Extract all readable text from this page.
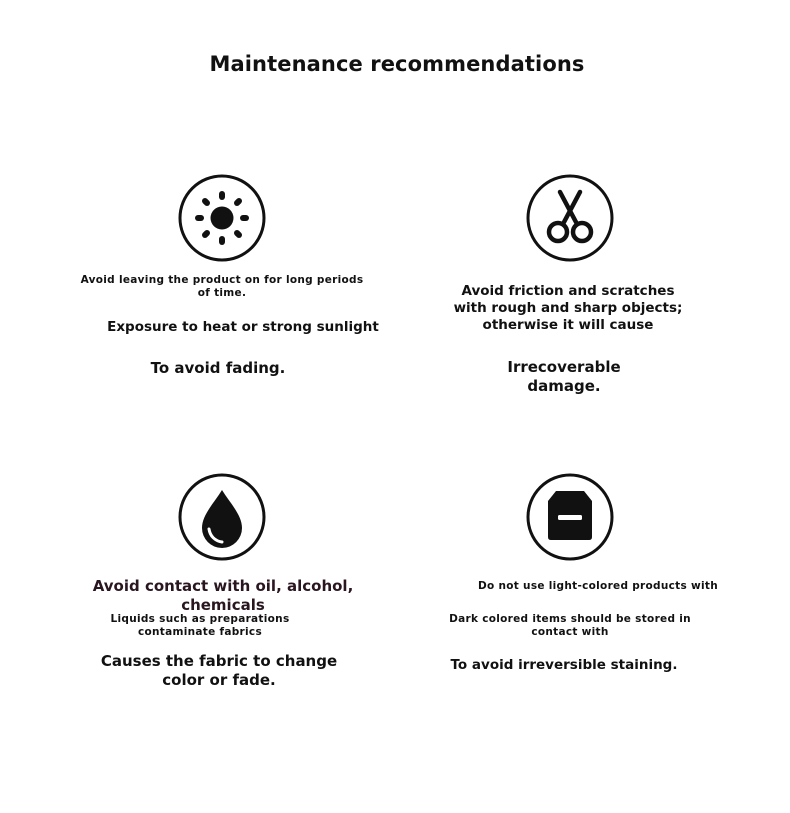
Maintenance recommendations
Avoid leaving the product on for long periods of time.
Exposure to heat or strong sunlight
To avoid fading.
Avoid friction and scratches with rough and sharp objects; otherwise it will cause
Irrecoverable damage.
Avoid contact with oil, alcohol, chemicals
Liquids such as preparations contaminate fabrics
Causes the fabric to change color or fade.
Do not use light-colored products with
Dark colored items should be stored in contact with
To avoid irreversible staining.
